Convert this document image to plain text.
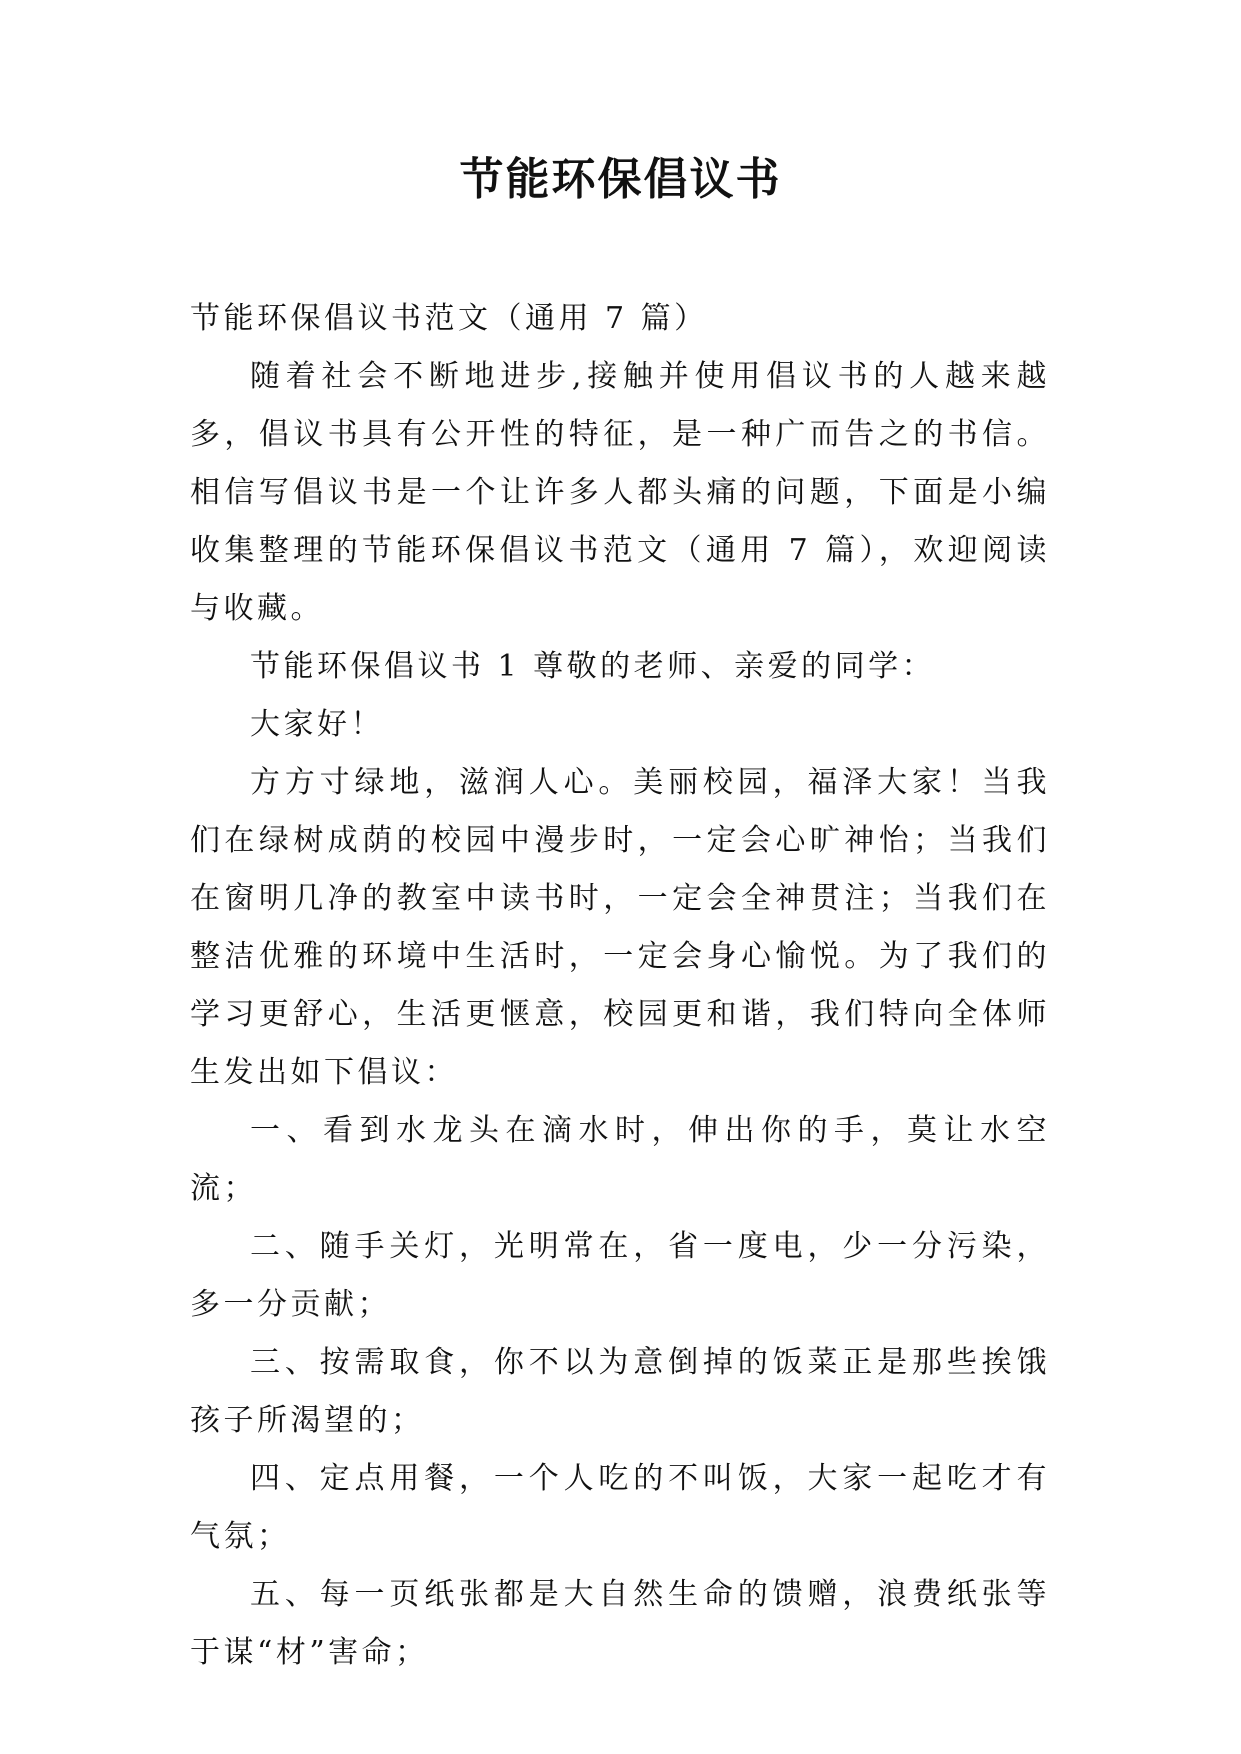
节能环保倡议书

节能环保倡议书范文（通用 7 篇）

随着社会不断地进步,接触并使用倡议书的人越来越多，倡议书具有公开性的特征，是一种广而告之的书信。相信写倡议书是一个让许多人都头痛的问题，下面是小编收集整理的节能环保倡议书范文（通用 7 篇），欢迎阅读与收藏。

节能环保倡议书 1 尊敬的老师、亲爱的同学：

大家好！

方方寸绿地，滋润人心。美丽校园，福泽大家！当我们在绿树成荫的校园中漫步时，一定会心旷神怡；当我们在窗明几净的教室中读书时，一定会全神贯注；当我们在整洁优雅的环境中生活时，一定会身心愉悦。为了我们的学习更舒心，生活更惬意，校园更和谐，我们特向全体师生发出如下倡议：

一、看到水龙头在滴水时，伸出你的手，莫让水空流；

二、随手关灯，光明常在，省一度电，少一分污染，多一分贡献；

三、按需取食，你不以为意倒掉的饭菜正是那些挨饿孩子所渴望的；

四、定点用餐，一个人吃的不叫饭，大家一起吃才有气氛；

五、每一页纸张都是大自然生命的馈赠，浪费纸张等于谋“材”害命；
